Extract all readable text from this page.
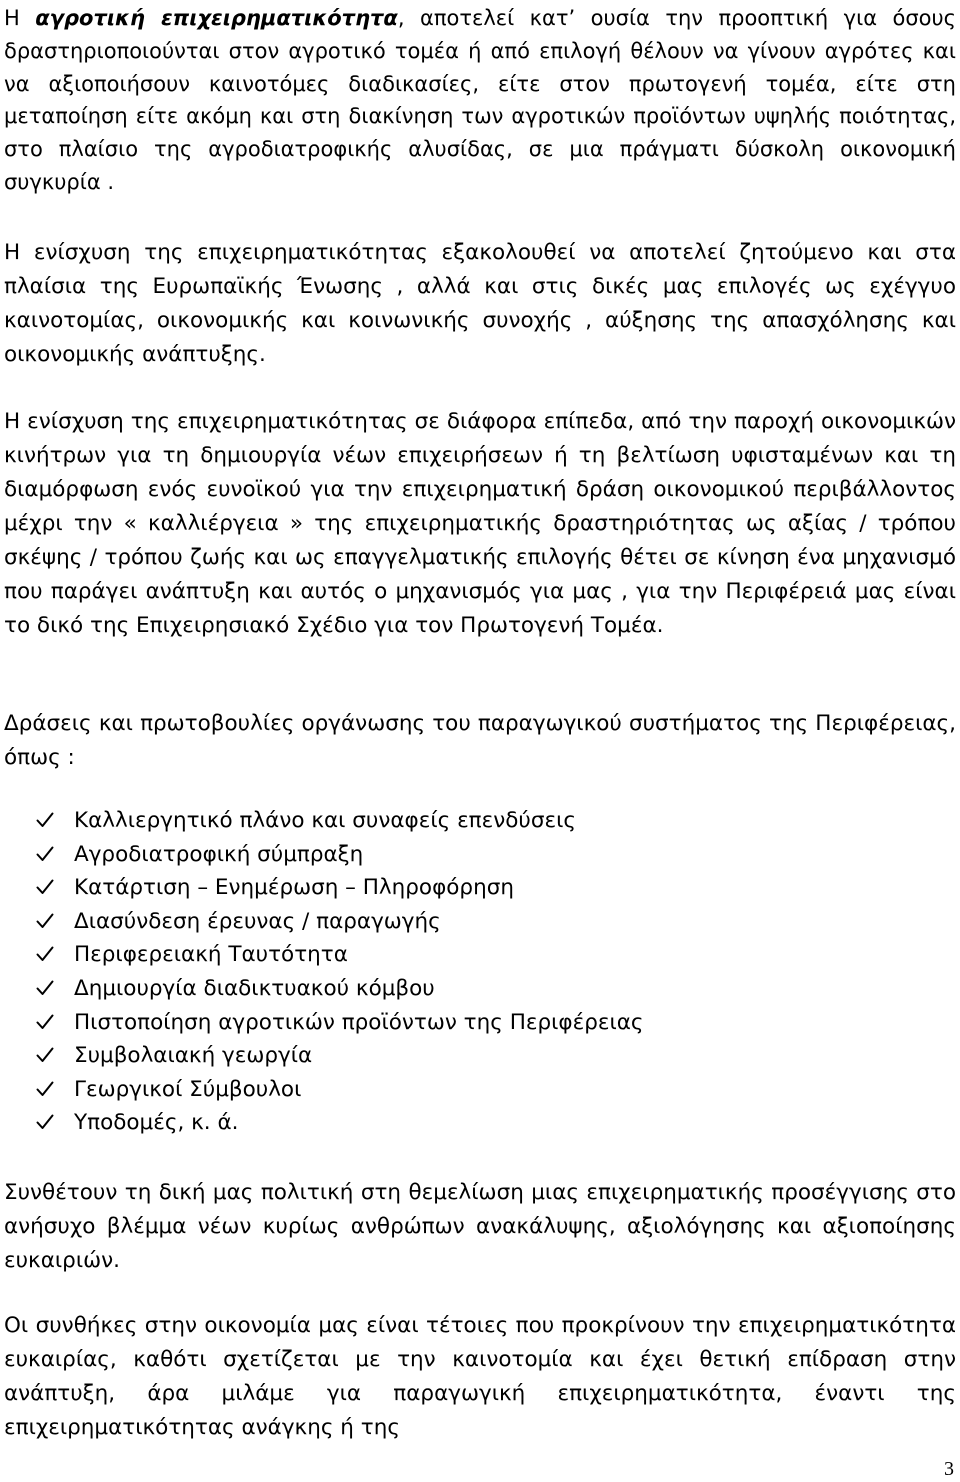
Η αγροτική επιχειρηματικότητα, αποτελεί κατ’ ουσία την προοπτική για όσους δραστηριοποιούνται στον αγροτικό τομέα ή από επιλογή θέλουν να γίνουν αγρότες και να αξιοποιήσουν καινοτόμες διαδικασίες, είτε στον πρωτογενή τομέα, είτε στη μεταποίηση είτε ακόμη και στη διακίνηση των αγροτικών προϊόντων υψηλής ποιότητας, στο πλαίσιο της αγροδιατροφικής αλυσίδας, σε μια πράγματι δύσκολη οικονομική συγκυρία .

Η ενίσχυση της επιχειρηματικότητας εξακολουθεί να αποτελεί ζητούμενο και στα πλαίσια της Ευρωπαϊκής Ένωσης , αλλά και στις δικές μας επιλογές ως εχέγγυο καινοτομίας, οικονομικής και κοινωνικής συνοχής , αύξησης της απασχόλησης και οικονομικής ανάπτυξης.

Η ενίσχυση της επιχειρηματικότητας σε διάφορα επίπεδα, από την παροχή οικονομικών κινήτρων για τη δημιουργία νέων επιχειρήσεων ή τη βελτίωση υφισταμένων και τη διαμόρφωση ενός ευνοϊκού για την επιχειρηματική δράση οικονομικού περιβάλλοντος μέχρι την « καλλιέργεια » της επιχειρηματικής δραστηριότητας ως αξίας / τρόπου σκέψης / τρόπου ζωής και ως επαγγελματικής επιλογής θέτει σε κίνηση ένα μηχανισμό που παράγει ανάπτυξη και αυτός ο μηχανισμός για μας , για την Περιφέρειά μας είναι το δικό της Επιχειρησιακό Σχέδιο για τον Πρωτογενή Τομέα.

Δράσεις και πρωτοβουλίες οργάνωσης του παραγωγικού συστήματος της Περιφέρειας, όπως :

Καλλιεργητικό πλάνο και συναφείς επενδύσεις
Αγροδιατροφική σύμπραξη
Κατάρτιση – Ενημέρωση – Πληροφόρηση
Διασύνδεση έρευνας / παραγωγής
Περιφερειακή Ταυτότητα
Δημιουργία διαδικτυακού κόμβου
Πιστοποίηση αγροτικών προϊόντων της Περιφέρειας
Συμβολαιακή γεωργία
Γεωργικοί Σύμβουλοι
Υποδομές, κ. ά.

Συνθέτουν τη δική μας πολιτική στη θεμελίωση μιας επιχειρηματικής προσέγγισης στο ανήσυχο βλέμμα νέων κυρίως ανθρώπων ανακάλυψης, αξιολόγησης και αξιοποίησης ευκαιριών.

Οι συνθήκες στην οικονομία μας είναι τέτοιες που προκρίνουν την επιχειρηματικότητα ευκαιρίας, καθότι σχετίζεται με την καινοτομία και έχει θετική επίδραση στην ανάπτυξη, άρα μιλάμε για παραγωγική επιχειρηματικότητα, έναντι της επιχειρηματικότητας ανάγκης ή της

3
